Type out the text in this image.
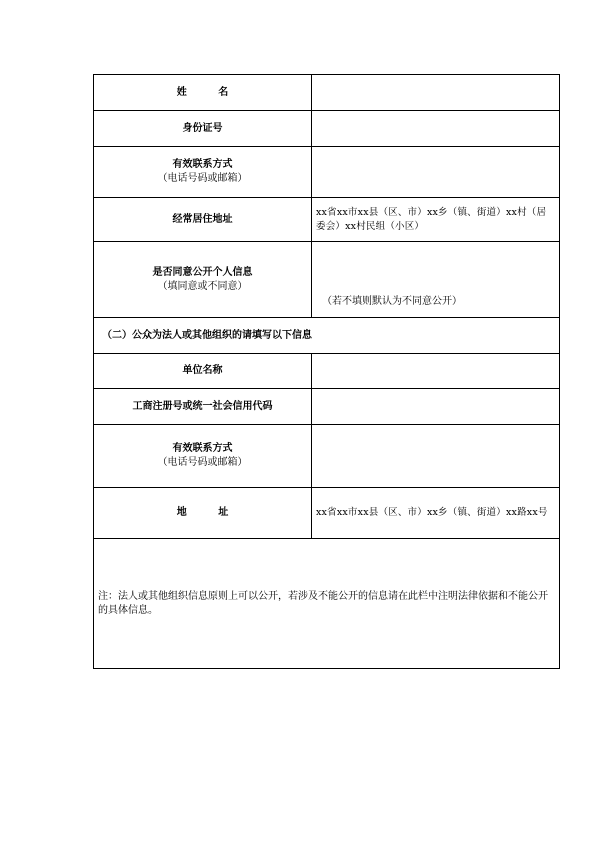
姓 名	
身份证号	

有效联系方式
（电话号码或邮箱）	

经常居住地址	xx省xx市xx县（区、市）xx乡（镇、街道）xx村（居委会）xx村民组（小区）

是否同意公开个人信息
（填同意或不同意）	（若不填则默认为不同意公开）
（二）公众为法人或其他组织的请填写以下信息	
单位名称	
工商注册号或统一社会信用代码	

有效联系方式
（电话号码或邮箱）	

地 址	xx省xx市xx县（区、市）xx乡（镇、街道）xx路xx号
注：法人或其他组织信息原则上可以公开，若涉及不能公开的信息请在此栏中注明法律依据和不能公开的具体信息。	
